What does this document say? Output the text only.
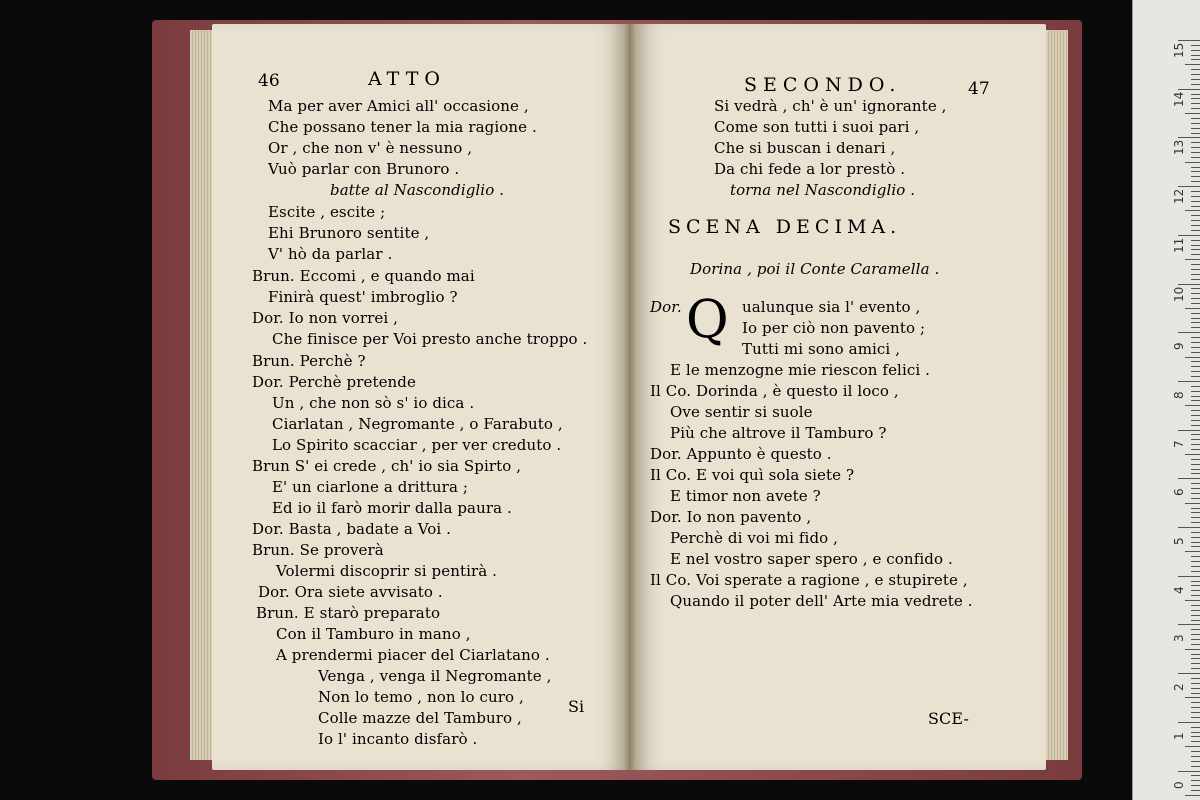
46	ATTO
Ma per aver Amici all' occasione ,
Che possano tener la mia ragione .
Or , che non v' è nessuno ,
Vuò parlar con Brunoro .
batte al Nascondiglio .
Escite , escite ;
Ehi Brunoro sentite ,
V' hò da parlar .
Brun. Eccomi , e quando mai
Finirà quest' imbroglio ?
Dor. Io non vorrei ,
Che finisce per Voi presto anche troppo .
Brun. Perchè ?
Dor. Perchè pretende
Un , che non sò s' io dica .
Ciarlatan , Negromante , o Farabuto ,
Lo Spirito scacciar , per ver creduto .
Brun S' ei crede , ch' io sia Spirto ,
E' un ciarlone a drittura ;
Ed io il farò morir dalla paura .
Dor. Basta , badate a Voi .
Brun. Se proverà
Volermi discoprir si pentirà .
Dor. Ora siete avvisato .
Brun. E starò preparato
Con il Tamburo in mano ,
A prendermi piacer del Ciarlatano .
Venga , venga il Negromante ,
Non lo temo , non lo curo ,
Colle mazze del Tamburo ,
Io l' incanto disfarò .
Si
SECONDO.	47
Si vedrà , ch' è un' ignorante ,
Come son tutti i suoi pari ,
Che si buscan i denari ,
Da chi fede a lor prestò .
torna nel Nascondiglio .
SCENA DECIMA.
Dorina , poi il Conte Caramella .
Dor. Q ualunque sia l' evento ,
Io per ciò non pavento ;
Tutti mi sono amici ,
E le menzogne mie riescon felici .
Il Co. Dorinda , è questo il loco ,
Ove sentir si suole
Più che altrove il Tamburo ?
Dor. Appunto è questo .
Il Co. E voi quì sola siete ?
E timor non avete ?
Dor. Io non pavento ,
Perchè di voi mi fido ,
E nel vostro saper spero , e confido .
Il Co. Voi sperate a ragione , e stupirete ,
Quando il poter dell' Arte mia vedrete .
SCE-
15
14
13
12
11
10
9
8
7
6
5
4
3
2
1
0
